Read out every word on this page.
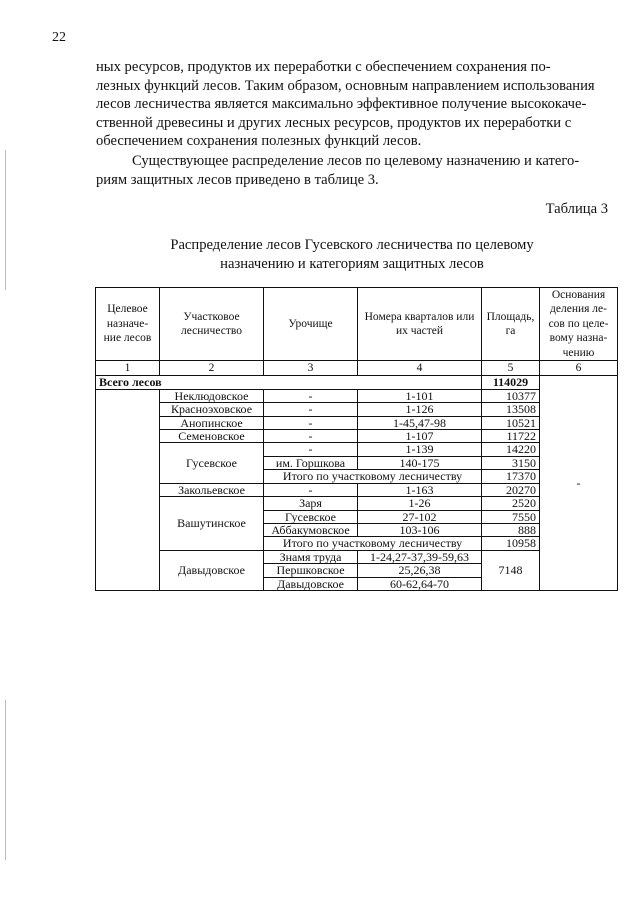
22

ных ресурсов, продуктов их переработки с обеспечением сохранения по-
лезных функций лесов. Таким образом, основным направлением использования
лесов лесничества является максимально эффективное получение высококаче-
ственной древесины и других лесных ресурсов, продуктов их переработки с
обеспечением сохранения полезных функций лесов.

Существующее распределение лесов по целевому назначению и катего-
риям защитных лесов приведено в таблице 3.

Таблица 3
Распределение лесов Гусевского лесничества по целевому
назначению и категориям защитных лесов
Целевое назначе-ние лесов	Участковое лесничество	Урочище	Номера кварталов или их частей	Площадь, га	Основания деления ле-сов по целе-вому назна-чению
1	2	3	4	5	6
Всего лесов				114029	-
	Неклюдовское	-	1-101	10377	
	Красноэховское	-	1-126	13508	
	Анопинское	-	1-45,47-98	10521	
	Семеновское	-	1-107	11722	
	Гусевское	-	1-139	14220	
		им. Горшкова	140-175	3150	
		Итого по участковому лесничеству		17370	
	Закольевское	-	1-163	20270	
	Вашутинское	Заря	1-26	2520	
		Гусевское	27-102	7550	
		Аббакумовское	103-106	888	
		Итого по участковому лесничеству		10958	
	Давыдовское	Знамя труда	1-24,27-37,39-59,63	7148	
		Першковское	25,26,38		
		Давыдовское	60-62,64-70		
